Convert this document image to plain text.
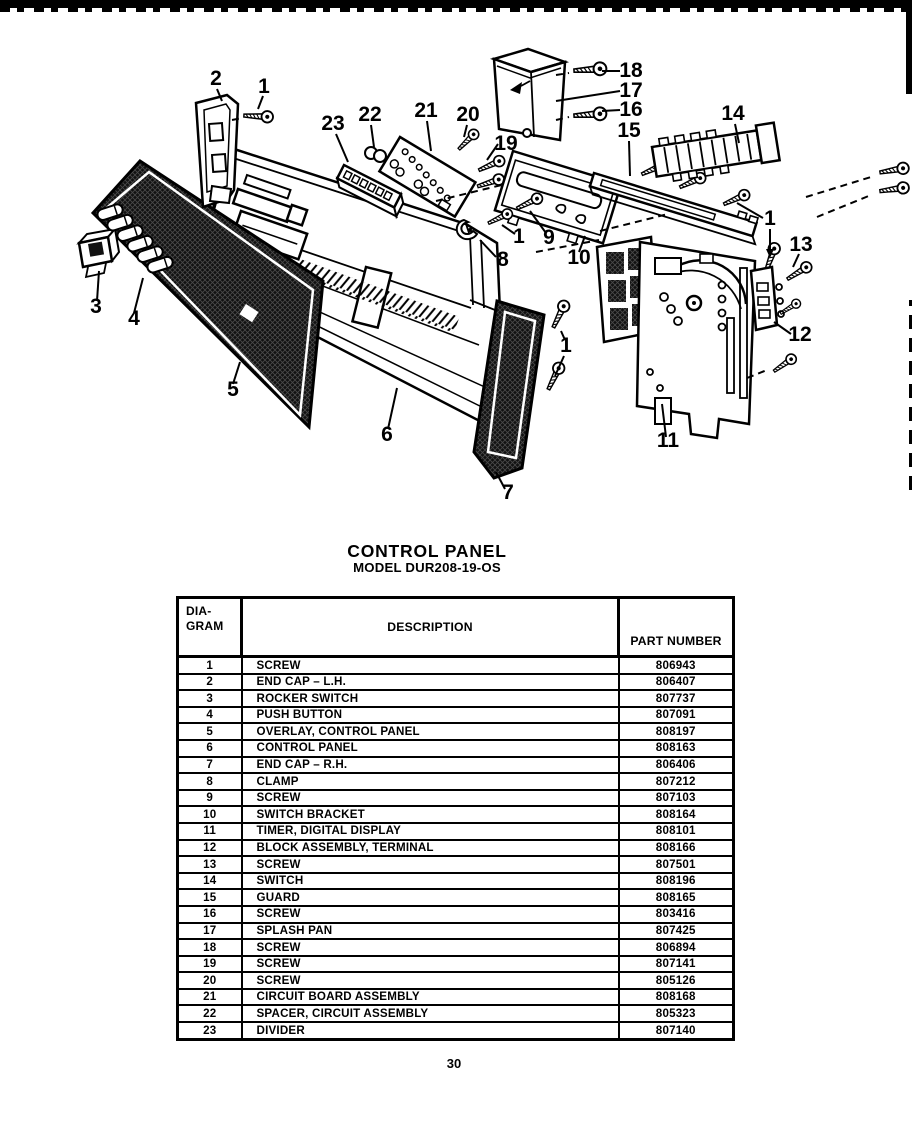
2 1
23 22 21 20
18
17
16
15
14
19
1 9
10
8
1
13
12
1
11
7
3
4
5
6
CONTROL PANEL
MODEL DUR208-19-OS
DIA-
GRAM	DESCRIPTION	PART NUMBER
1	SCREW	806943
2	END CAP – L.H.	806407
3	ROCKER SWITCH	807737
4	PUSH BUTTON	807091
5	OVERLAY, CONTROL PANEL	808197
6	CONTROL PANEL	808163
7	END CAP – R.H.	806406
8	CLAMP	807212
9	SCREW	807103
10	SWITCH BRACKET	808164
11	TIMER, DIGITAL DISPLAY	808101
12	BLOCK ASSEMBLY, TERMINAL	808166
13	SCREW	807501
14	SWITCH	808196
15	GUARD	808165
16	SCREW	803416
17	SPLASH PAN	807425
18	SCREW	806894
19	SCREW	807141
20	SCREW	805126
21	CIRCUIT BOARD ASSEMBLY	808168
22	SPACER, CIRCUIT ASSEMBLY	805323
23	DIVIDER	807140
30
